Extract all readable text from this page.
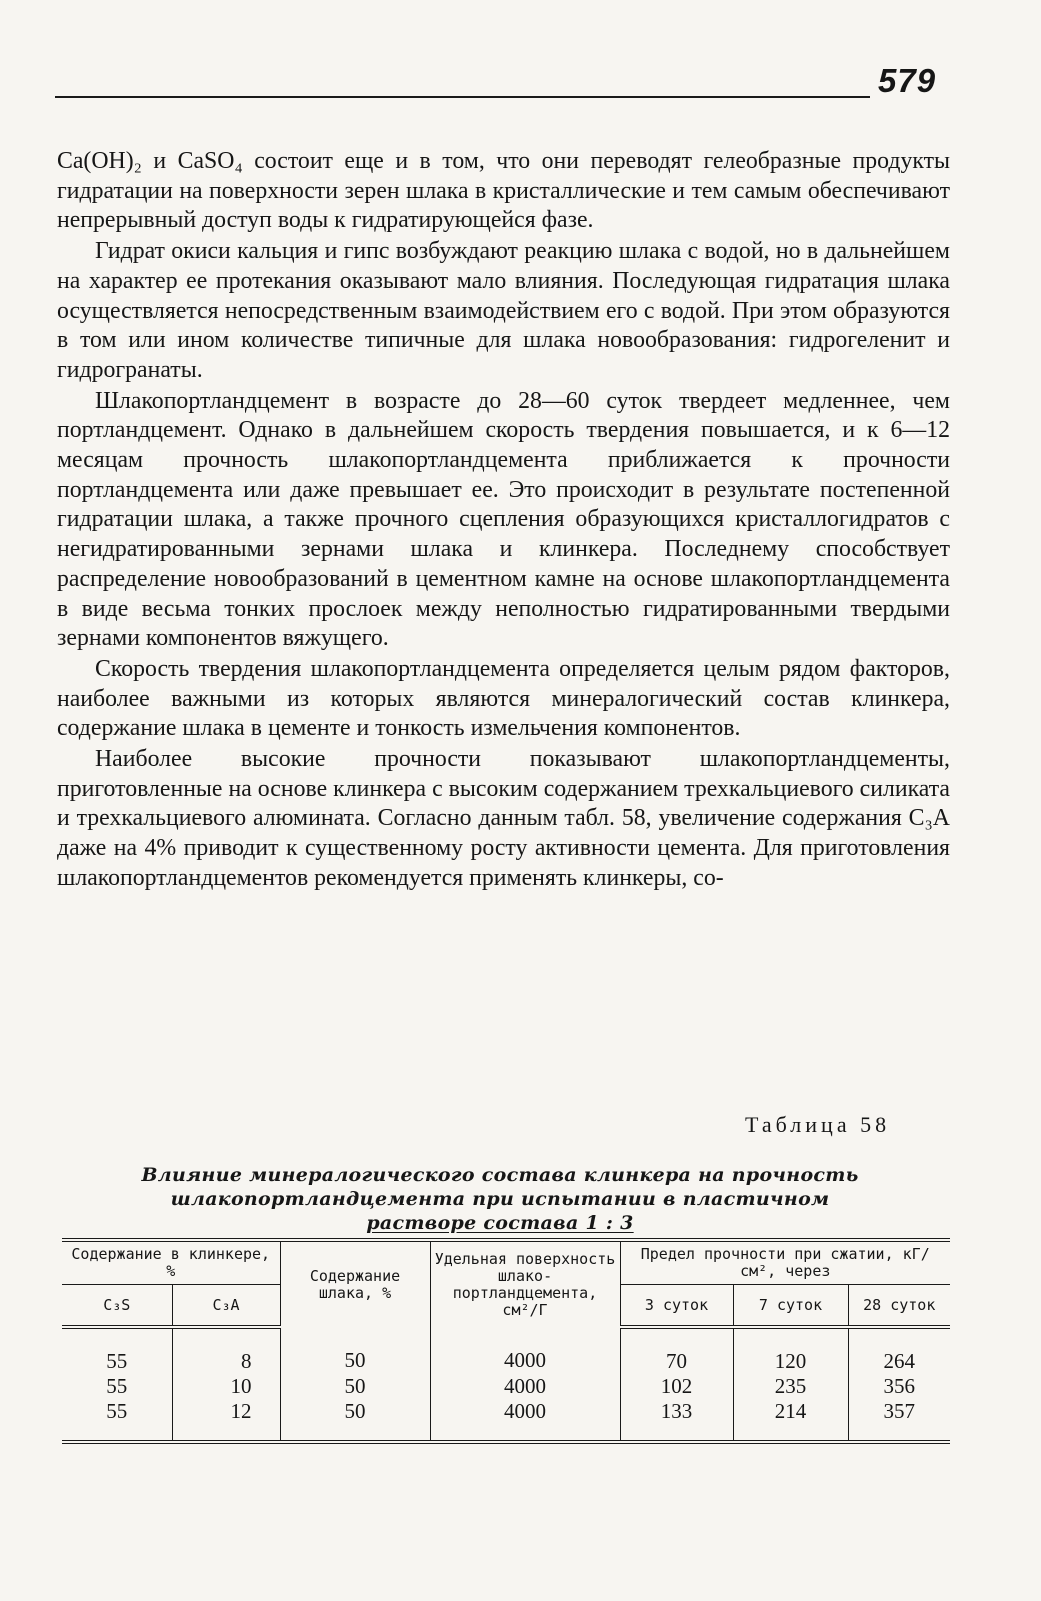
579

Ca(OH)₂ и CaSO₄ состоит еще и в том, что они переводят гелеобразные продукты гидратации на поверхности зерен шлака в кристаллические и тем самым обеспечивают непрерывный доступ воды к гидратирующейся фазе.

Гидрат окиси кальция и гипс возбуждают реакцию шлака с водой, но в дальнейшем на характер ее протекания оказывают мало влияния. Последующая гидратация шлака осуществляется непосредственным взаимодействием его с водой. При этом образуются в том или ином количестве типичные для шлака новообразования: гидрогеленит и гидрогранаты.

Шлакопортландцемент в возрасте до 28—60 суток твердеет медленнее, чем портландцемент. Однако в дальнейшем скорость твердения повышается, и к 6—12 месяцам прочность шлакопортландцемента приближается к прочности портландцемента или даже превышает ее. Это происходит в результате постепенной гидратации шлака, а также прочного сцепления образующихся кристаллогидратов с негидратированными зернами шлака и клинкера. Последнему способствует распределение новообразований в цементном камне на основе шлакопортландцемента в виде весьма тонких прослоек между неполностью гидратированными твердыми зернами компонентов вяжущего.

Скорость твердения шлакопортландцемента определяется целым рядом факторов, наиболее важными из которых являются минералогический состав клинкера, содержание шлака в цементе и тонкость измельчения компонентов.

Наиболее высокие прочности показывают шлакопортландцементы, приготовленные на основе клинкера с высоким содержанием трехкальциевого силиката и трехкальциевого алюмината. Согласно данным табл. 58, увеличение содержания C₃A даже на 4% приводит к существенному росту активности цемента. Для приготовления шлакопортландцементов рекомендуется применять клинкеры, со-

Таблица 58
Влияние минералогического состава клинкера на прочность
шлакопортландцемента при испытании в пластичном
растворе состава 1 : 3
Содержание в клинкере, %		Содержание шлака, %	Удельная поверхность шлакопортландцемента, см²/Г	Предел прочности при сжатии, кГ/см², через		
C₃S	C₃A			3 суток	7 суток	28 суток
55	8	50	4000	70	120	264
55	10	50	4000	102	235	356
55	12	50	4000	133	214	357
